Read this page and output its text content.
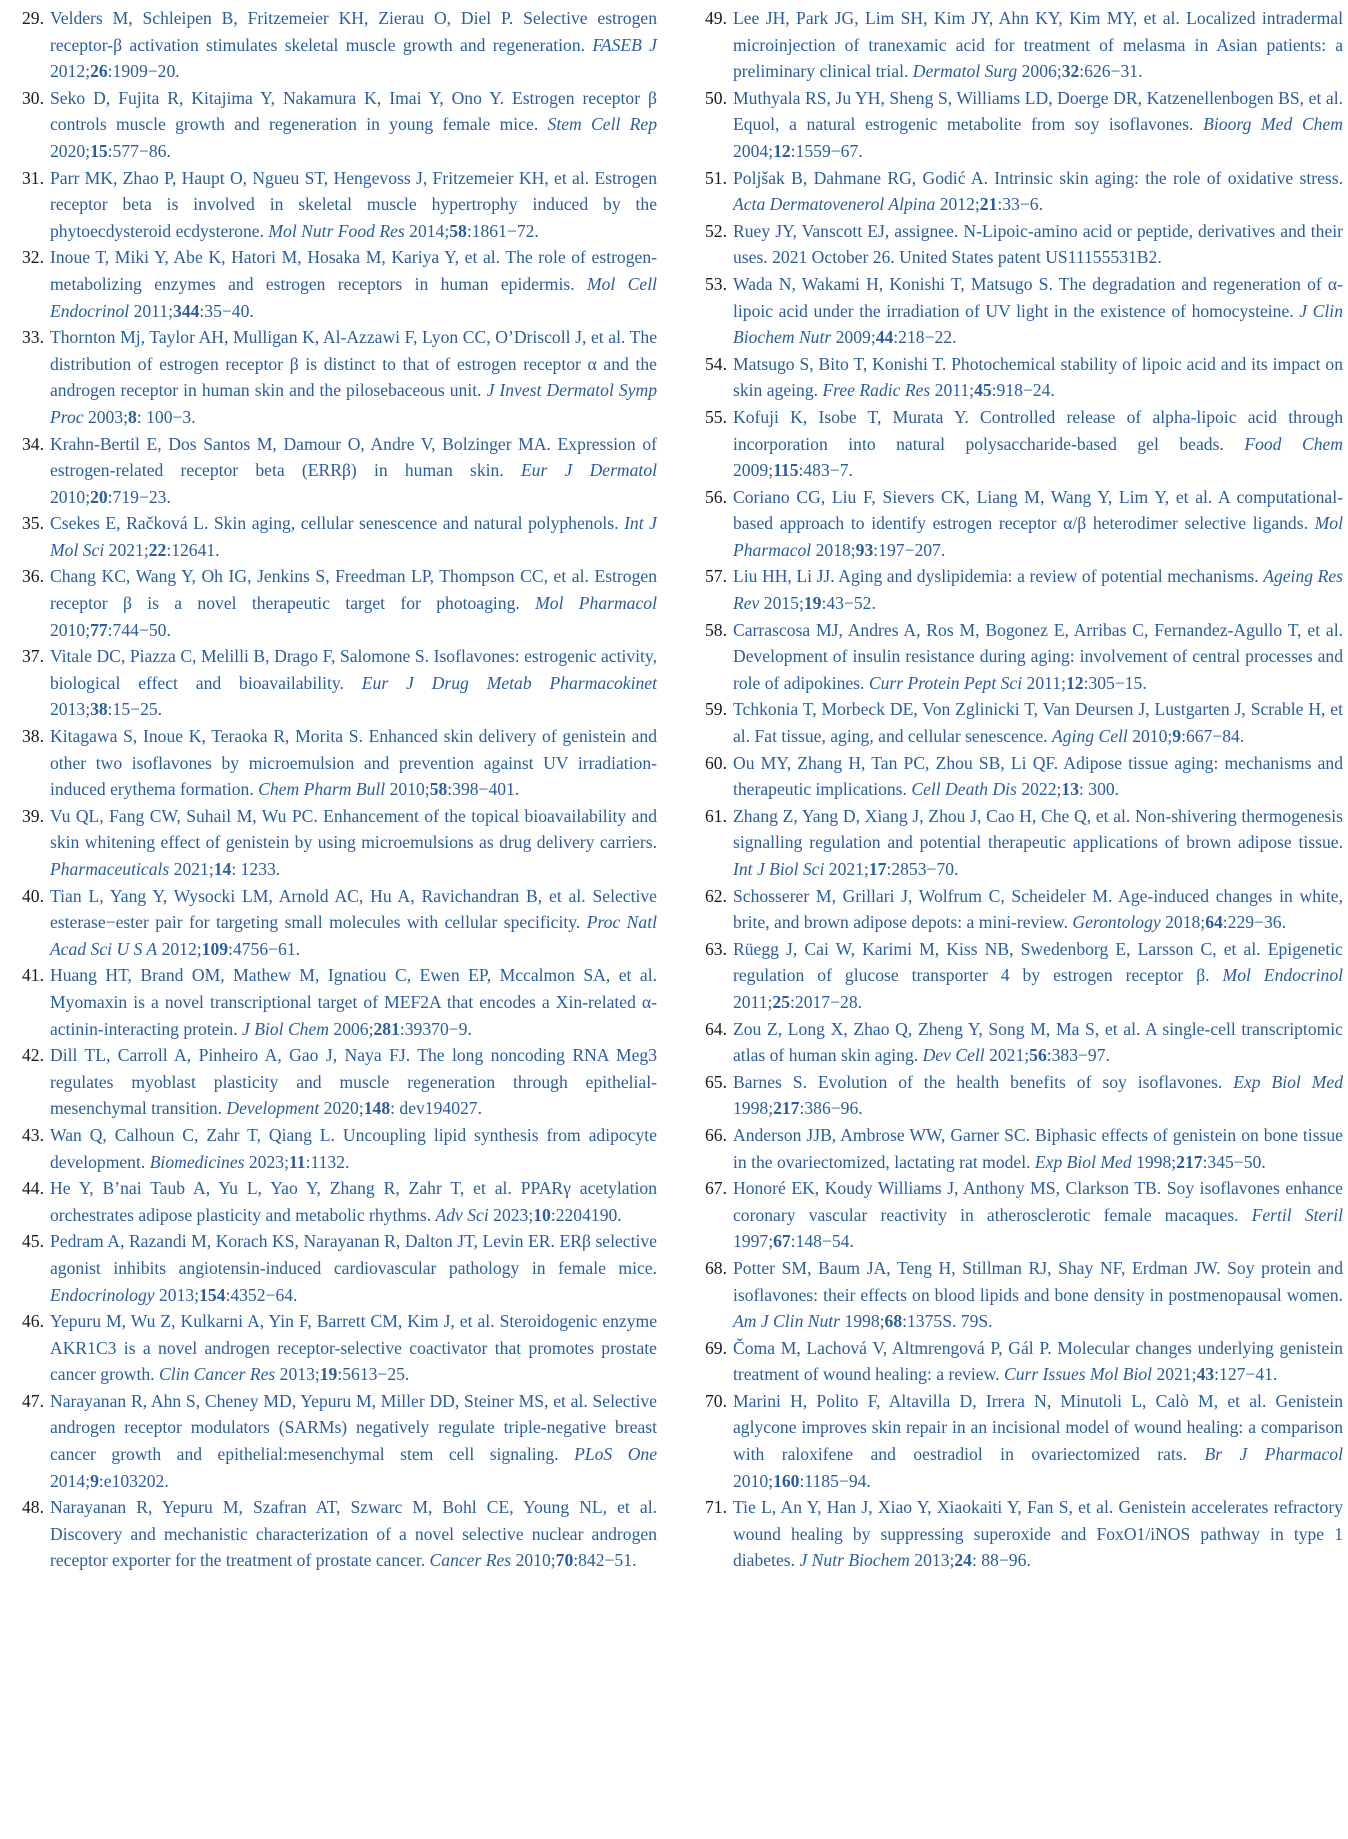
29. Velders M, Schleipen B, Fritzemeier KH, Zierau O, Diel P. Selective estrogen receptor-β activation stimulates skeletal muscle growth and regeneration. FASEB J 2012;26:1909−20.

30. Seko D, Fujita R, Kitajima Y, Nakamura K, Imai Y, Ono Y. Estrogen receptor β controls muscle growth and regeneration in young female mice. Stem Cell Rep 2020;15:577−86.

31. Parr MK, Zhao P, Haupt O, Ngueu ST, Hengevoss J, Fritzemeier KH, et al. Estrogen receptor beta is involved in skeletal muscle hypertrophy induced by the phytoecdysteroid ecdysterone. Mol Nutr Food Res 2014;58:1861−72.

32. Inoue T, Miki Y, Abe K, Hatori M, Hosaka M, Kariya Y, et al. The role of estrogen-metabolizing enzymes and estrogen receptors in human epidermis. Mol Cell Endocrinol 2011;344:35−40.

33. Thornton Mj, Taylor AH, Mulligan K, Al-Azzawi F, Lyon CC, O’Driscoll J, et al. The distribution of estrogen receptor β is distinct to that of estrogen receptor α and the androgen receptor in human skin and the pilosebaceous unit. J Invest Dermatol Symp Proc 2003;8: 100−3.

34. Krahn-Bertil E, Dos Santos M, Damour O, Andre V, Bolzinger MA. Expression of estrogen-related receptor beta (ERRβ) in human skin. Eur J Dermatol 2010;20:719−23.

35. Csekes E, Račková L. Skin aging, cellular senescence and natural polyphenols. Int J Mol Sci 2021;22:12641.

36. Chang KC, Wang Y, Oh IG, Jenkins S, Freedman LP, Thompson CC, et al. Estrogen receptor β is a novel therapeutic target for photoaging. Mol Pharmacol 2010;77:744−50.

37. Vitale DC, Piazza C, Melilli B, Drago F, Salomone S. Isoflavones: estrogenic activity, biological effect and bioavailability. Eur J Drug Metab Pharmacokinet 2013;38:15−25.

38. Kitagawa S, Inoue K, Teraoka R, Morita S. Enhanced skin delivery of genistein and other two isoflavones by microemulsion and prevention against UV irradiation-induced erythema formation. Chem Pharm Bull 2010;58:398−401.

39. Vu QL, Fang CW, Suhail M, Wu PC. Enhancement of the topical bioavailability and skin whitening effect of genistein by using microemulsions as drug delivery carriers. Pharmaceuticals 2021;14: 1233.

40. Tian L, Yang Y, Wysocki LM, Arnold AC, Hu A, Ravichandran B, et al. Selective esterase−ester pair for targeting small molecules with cellular specificity. Proc Natl Acad Sci U S A 2012;109:4756−61.

41. Huang HT, Brand OM, Mathew M, Ignatiou C, Ewen EP, Mccalmon SA, et al. Myomaxin is a novel transcriptional target of MEF2A that encodes a Xin-related α-actinin-interacting protein. J Biol Chem 2006;281:39370−9.

42. Dill TL, Carroll A, Pinheiro A, Gao J, Naya FJ. The long noncoding RNA Meg3 regulates myoblast plasticity and muscle regeneration through epithelial-mesenchymal transition. Development 2020;148: dev194027.

43. Wan Q, Calhoun C, Zahr T, Qiang L. Uncoupling lipid synthesis from adipocyte development. Biomedicines 2023;11:1132.

44. He Y, B’nai Taub A, Yu L, Yao Y, Zhang R, Zahr T, et al. PPARγ acetylation orchestrates adipose plasticity and metabolic rhythms. Adv Sci 2023;10:2204190.

45. Pedram A, Razandi M, Korach KS, Narayanan R, Dalton JT, Levin ER. ERβ selective agonist inhibits angiotensin-induced cardiovascular pathology in female mice. Endocrinology 2013;154:4352−64.

46. Yepuru M, Wu Z, Kulkarni A, Yin F, Barrett CM, Kim J, et al. Steroidogenic enzyme AKR1C3 is a novel androgen receptor-selective coactivator that promotes prostate cancer growth. Clin Cancer Res 2013;19:5613−25.

47. Narayanan R, Ahn S, Cheney MD, Yepuru M, Miller DD, Steiner MS, et al. Selective androgen receptor modulators (SARMs) negatively regulate triple-negative breast cancer growth and epithelial:mesenchymal stem cell signaling. PLoS One 2014;9:e103202.

48. Narayanan R, Yepuru M, Szafran AT, Szwarc M, Bohl CE, Young NL, et al. Discovery and mechanistic characterization of a novel selective nuclear androgen receptor exporter for the treatment of prostate cancer. Cancer Res 2010;70:842−51.

49. Lee JH, Park JG, Lim SH, Kim JY, Ahn KY, Kim MY, et al. Localized intradermal microinjection of tranexamic acid for treatment of melasma in Asian patients: a preliminary clinical trial. Dermatol Surg 2006;32:626−31.

50. Muthyala RS, Ju YH, Sheng S, Williams LD, Doerge DR, Katzenellenbogen BS, et al. Equol, a natural estrogenic metabolite from soy isoflavones. Bioorg Med Chem 2004;12:1559−67.

51. Poljšak B, Dahmane RG, Godić A. Intrinsic skin aging: the role of oxidative stress. Acta Dermatovenerol Alpina 2012;21:33−6.

52. Ruey JY, Vanscott EJ, assignee. N-Lipoic-amino acid or peptide, derivatives and their uses. 2021 October 26. United States patent US11155531B2.

53. Wada N, Wakami H, Konishi T, Matsugo S. The degradation and regeneration of α-lipoic acid under the irradiation of UV light in the existence of homocysteine. J Clin Biochem Nutr 2009;44:218−22.

54. Matsugo S, Bito T, Konishi T. Photochemical stability of lipoic acid and its impact on skin ageing. Free Radic Res 2011;45:918−24.

55. Kofuji K, Isobe T, Murata Y. Controlled release of alpha-lipoic acid through incorporation into natural polysaccharide-based gel beads. Food Chem 2009;115:483−7.

56. Coriano CG, Liu F, Sievers CK, Liang M, Wang Y, Lim Y, et al. A computational-based approach to identify estrogen receptor α/β heterodimer selective ligands. Mol Pharmacol 2018;93:197−207.

57. Liu HH, Li JJ. Aging and dyslipidemia: a review of potential mechanisms. Ageing Res Rev 2015;19:43−52.

58. Carrascosa MJ, Andres A, Ros M, Bogonez E, Arribas C, Fernandez-Agullo T, et al. Development of insulin resistance during aging: involvement of central processes and role of adipokines. Curr Protein Pept Sci 2011;12:305−15.

59. Tchkonia T, Morbeck DE, Von Zglinicki T, Van Deursen J, Lustgarten J, Scrable H, et al. Fat tissue, aging, and cellular senescence. Aging Cell 2010;9:667−84.

60. Ou MY, Zhang H, Tan PC, Zhou SB, Li QF. Adipose tissue aging: mechanisms and therapeutic implications. Cell Death Dis 2022;13: 300.

61. Zhang Z, Yang D, Xiang J, Zhou J, Cao H, Che Q, et al. Non-shivering thermogenesis signalling regulation and potential therapeutic applications of brown adipose tissue. Int J Biol Sci 2021;17:2853−70.

62. Schosserer M, Grillari J, Wolfrum C, Scheideler M. Age-induced changes in white, brite, and brown adipose depots: a mini-review. Gerontology 2018;64:229−36.

63. Rüegg J, Cai W, Karimi M, Kiss NB, Swedenborg E, Larsson C, et al. Epigenetic regulation of glucose transporter 4 by estrogen receptor β. Mol Endocrinol 2011;25:2017−28.

64. Zou Z, Long X, Zhao Q, Zheng Y, Song M, Ma S, et al. A single-cell transcriptomic atlas of human skin aging. Dev Cell 2021;56:383−97.

65. Barnes S. Evolution of the health benefits of soy isoflavones. Exp Biol Med 1998;217:386−96.

66. Anderson JJB, Ambrose WW, Garner SC. Biphasic effects of genistein on bone tissue in the ovariectomized, lactating rat model. Exp Biol Med 1998;217:345−50.

67. Honoré EK, Koudy Williams J, Anthony MS, Clarkson TB. Soy isoflavones enhance coronary vascular reactivity in atherosclerotic female macaques. Fertil Steril 1997;67:148−54.

68. Potter SM, Baum JA, Teng H, Stillman RJ, Shay NF, Erdman JW. Soy protein and isoflavones: their effects on blood lipids and bone density in postmenopausal women. Am J Clin Nutr 1998;68:1375S. 79S.

69. Čoma M, Lachová V, Altmrengová P, Gál P. Molecular changes underlying genistein treatment of wound healing: a review. Curr Issues Mol Biol 2021;43:127−41.

70. Marini H, Polito F, Altavilla D, Irrera N, Minutoli L, Calò M, et al. Genistein aglycone improves skin repair in an incisional model of wound healing: a comparison with raloxifene and oestradiol in ovariectomized rats. Br J Pharmacol 2010;160:1185−94.

71. Tie L, An Y, Han J, Xiao Y, Xiaokaiti Y, Fan S, et al. Genistein accelerates refractory wound healing by suppressing superoxide and FoxO1/iNOS pathway in type 1 diabetes. J Nutr Biochem 2013;24: 88−96.
